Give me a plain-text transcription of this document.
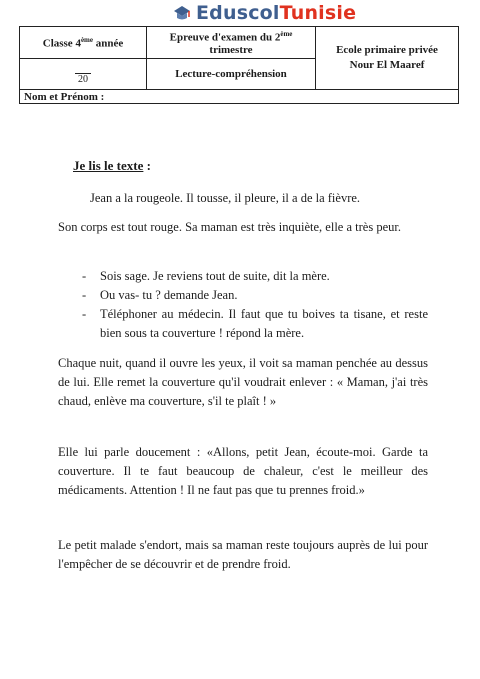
EduscolTunisie
Classe 4ème année	Epreuve d'examen du 2ème trimestre	Ecole primaire privée
Nour El Maaref

20	Lecture-compréhension	
Nom et Prénom :		
Je lis le texte :
Jean a la rougeole. Il tousse, il pleure, il a de la fièvre.
Son corps est tout rouge. Sa maman est très inquiète, elle a très peur.
-	Sois sage. Je reviens tout de suite, dit la mère.
-	Ou vas- tu ? demande Jean.
-	Téléphoner au médecin. Il faut que tu boives ta tisane, et reste bien sous ta couverture ! répond la mère.
Chaque nuit, quand il ouvre les yeux, il voit sa maman penchée au dessus de lui. Elle remet la couverture qu'il voudrait enlever : « Maman, j'ai très chaud, enlève ma couverture, s'il te plaît ! »
Elle lui parle doucement : «Allons, petit Jean, écoute-moi. Garde ta couverture. Il te faut beaucoup de chaleur, c'est le meilleur des médicaments. Attention ! Il ne faut pas que tu prennes froid.»
Le petit malade s'endort, mais sa maman reste toujours auprès de lui pour l'empêcher de se découvrir et de prendre froid.
